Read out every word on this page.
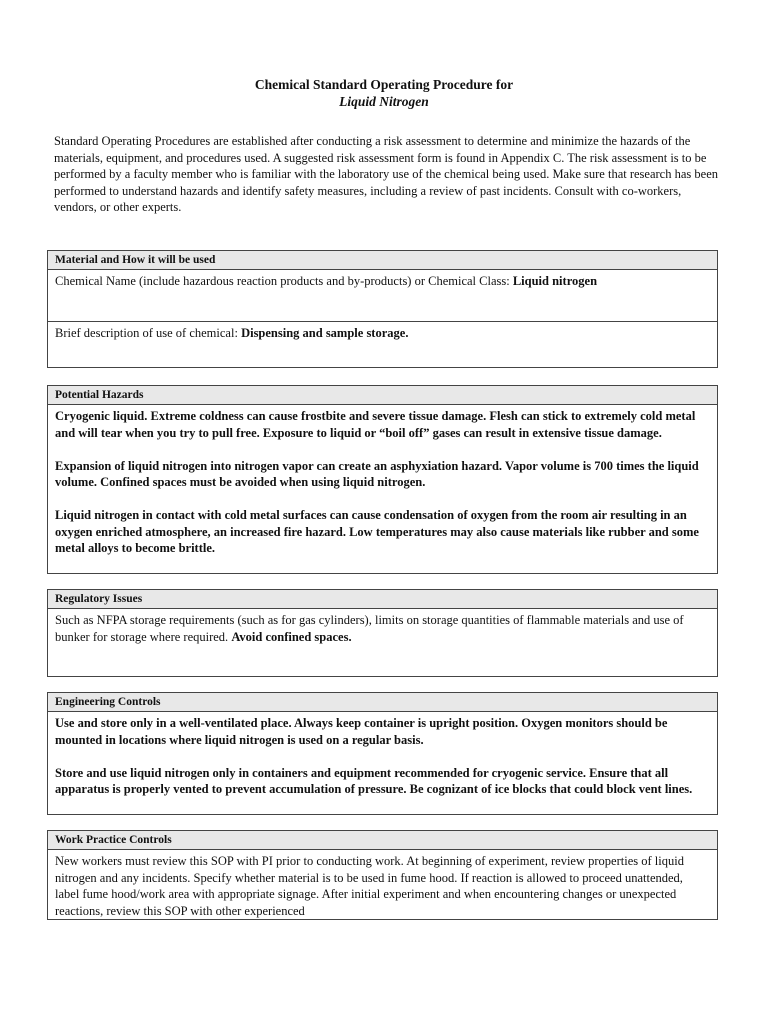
Chemical Standard Operating Procedure for
Liquid Nitrogen

Standard Operating Procedures are established after conducting a risk assessment to determine and minimize the hazards of the materials, equipment, and procedures used. A suggested risk assessment form is found in Appendix C. The risk assessment is to be performed by a faculty member who is familiar with the laboratory use of the chemical being used. Make sure that research has been performed to understand hazards and identify safety measures, including a review of past incidents. Consult with co-workers, vendors, or other experts.

Material and How it will be used

Chemical Name (include hazardous reaction products and by-products) or Chemical Class: Liquid nitrogen

Brief description of use of chemical: Dispensing and sample storage.

Potential Hazards

Cryogenic liquid. Extreme coldness can cause frostbite and severe tissue damage. Flesh can stick to extremely cold metal and will tear when you try to pull free. Exposure to liquid or “boil off” gases can result in extensive tissue damage.

Expansion of liquid nitrogen into nitrogen vapor can create an asphyxiation hazard. Vapor volume is 700 times the liquid volume. Confined spaces must be avoided when using liquid nitrogen.

Liquid nitrogen in contact with cold metal surfaces can cause condensation of oxygen from the room air resulting in an oxygen enriched atmosphere, an increased fire hazard. Low temperatures may also cause materials like rubber and some metal alloys to become brittle.

Regulatory Issues

Such as NFPA storage requirements (such as for gas cylinders), limits on storage quantities of flammable materials and use of bunker for storage where required. Avoid confined spaces.

Engineering Controls

Use and store only in a well-ventilated place. Always keep container is upright position. Oxygen monitors should be mounted in locations where liquid nitrogen is used on a regular basis.

Store and use liquid nitrogen only in containers and equipment recommended for cryogenic service. Ensure that all apparatus is properly vented to prevent accumulation of pressure. Be cognizant of ice blocks that could block vent lines.

Work Practice Controls

New workers must review this SOP with PI prior to conducting work. At beginning of experiment, review properties of liquid nitrogen and any incidents. Specify whether material is to be used in fume hood. If reaction is allowed to proceed unattended, label fume hood/work area with appropriate signage. After initial experiment and when encountering changes or unexpected reactions, review this SOP with other experienced
